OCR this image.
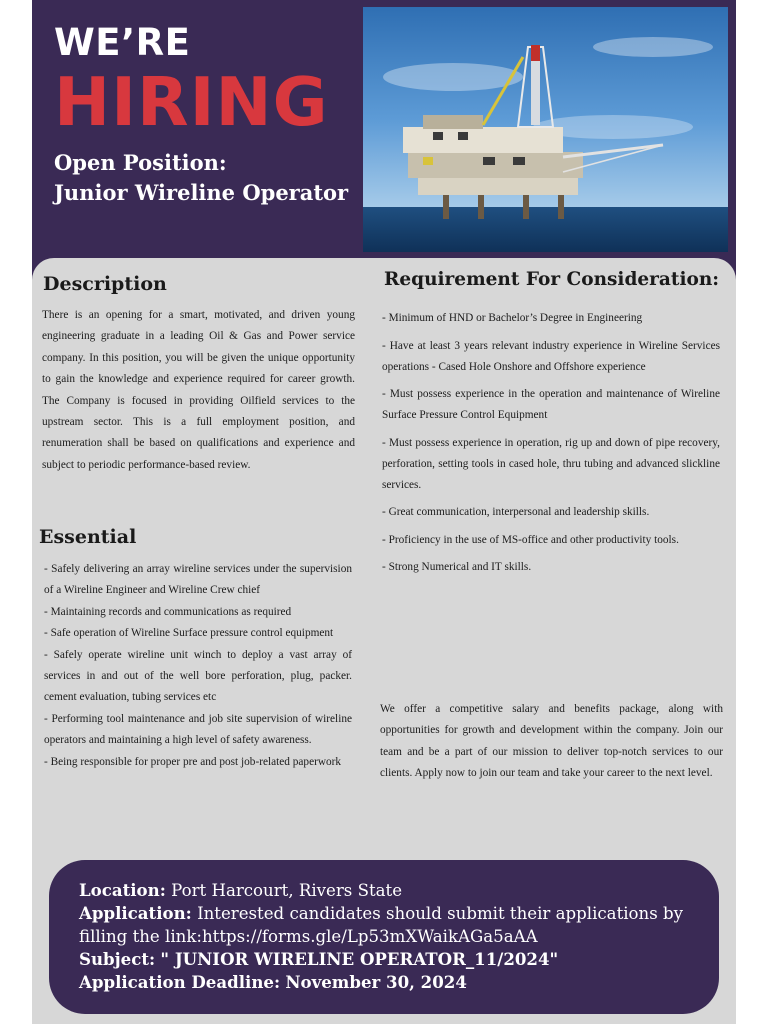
WE’RE
HIRING
Open Position:
Junior Wireline Operator
Description
There is an opening for a smart, motivated, and driven young engineering graduate in a leading Oil & Gas and Power service company. In this position, you will be given the unique opportunity to gain the knowledge and experience required for career growth. The Company is focused in providing Oilfield services to the upstream sector. This is a full employment position, and renumeration shall be based on qualifications and experience and subject to periodic performance-based review.
Essential
- Safely delivering an array wireline services under the supervision of a Wireline Engineer and Wireline Crew chief
- Maintaining records and communications as required
- Safe operation of Wireline Surface pressure control equipment
- Safely operate wireline unit winch to deploy a vast array of services in and out of the well bore perforation, plug, packer. cement evaluation, tubing services etc
- Performing tool maintenance and job site supervision of wireline operators and maintaining a high level of safety awareness.
- Being responsible for proper pre and post job-related paperwork
Requirement For Consideration:
- Minimum of HND or Bachelor’s Degree in Engineering
- Have at least 3 years relevant industry experience in Wireline Services operations - Cased Hole Onshore and Offshore experience
- Must possess experience in the operation and maintenance of Wireline Surface Pressure Control Equipment
- Must possess experience in operation, rig up and down of pipe recovery, perforation, setting tools in cased hole, thru tubing and advanced slickline services.
- Great communication, interpersonal and leadership skills.
- Proficiency in the use of MS-office and other productivity tools.
- Strong Numerical and IT skills.
We offer a competitive salary and benefits package, along with opportunities for growth and development within the company. Join our team and be a part of our mission to deliver top-notch services to our clients. Apply now to join our team and take your career to the next level.
Location: Port Harcourt, Rivers State
Application: Interested candidates should submit their applications by
filling the link:https://forms.gle/Lp53mXWaikAGa5aAA
Subject: " JUNIOR WIRELINE OPERATOR_11/2024"
Application Deadline: November 30, 2024
